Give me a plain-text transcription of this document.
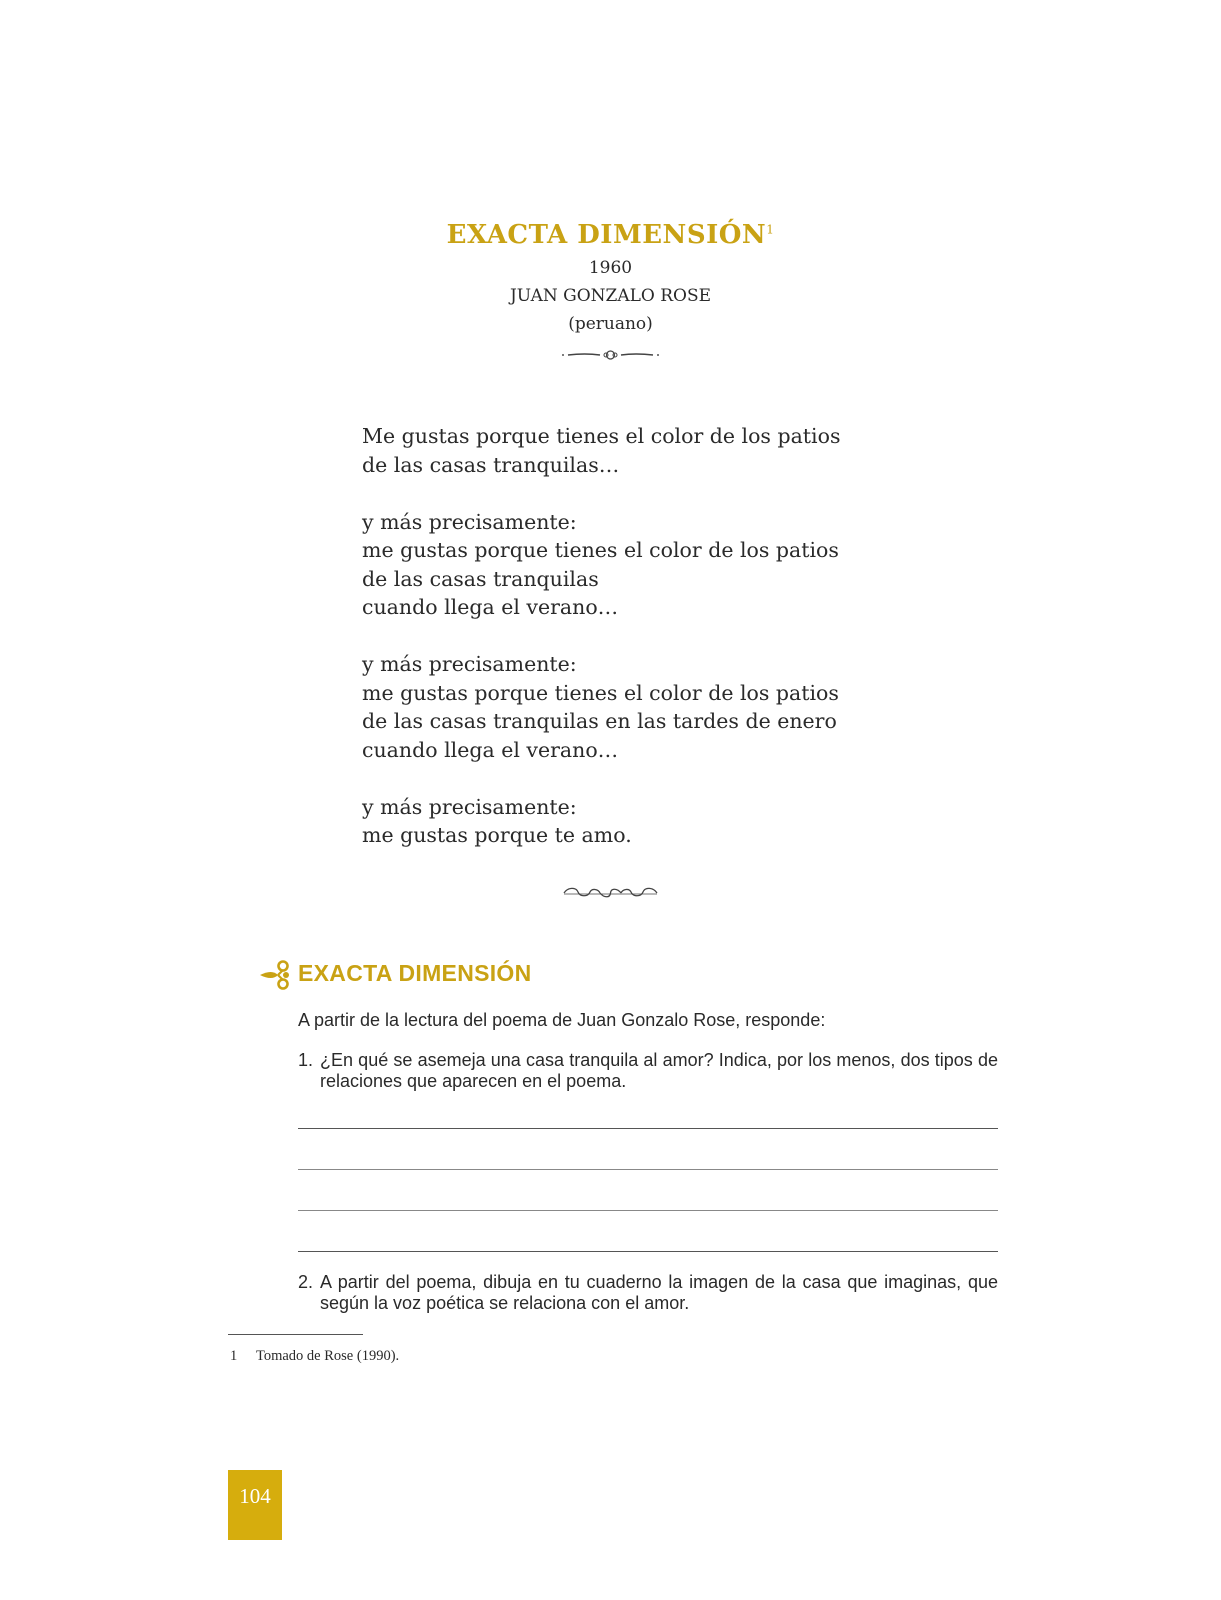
EXACTA DIMENSIÓN$^1$
1960
JUAN GONZALO ROSE
(peruano)
Me gustas porque tienes el color de los patios
de las casas tranquilas…
y más precisamente:
me gustas porque tienes el color de los patios
de las casas tranquilas
cuando llega el verano…
y más precisamente:
me gustas porque tienes el color de los patios
de las casas tranquilas en las tardes de enero
cuando llega el verano…
y más precisamente:
me gustas porque te amo.
EXACTA DIMENSIÓN
A partir de la lectura del poema de Juan Gonzalo Rose, responde:
1. ¿En qué se asemeja una casa tranquila al amor? Indica, por los menos, dos tipos de relaciones que aparecen en el poema.
2. A partir del poema, dibuja en tu cuaderno la imagen de la casa que imaginas, que según la voz poética se relaciona con el amor.
1 Tomado de Rose (1990).
104
